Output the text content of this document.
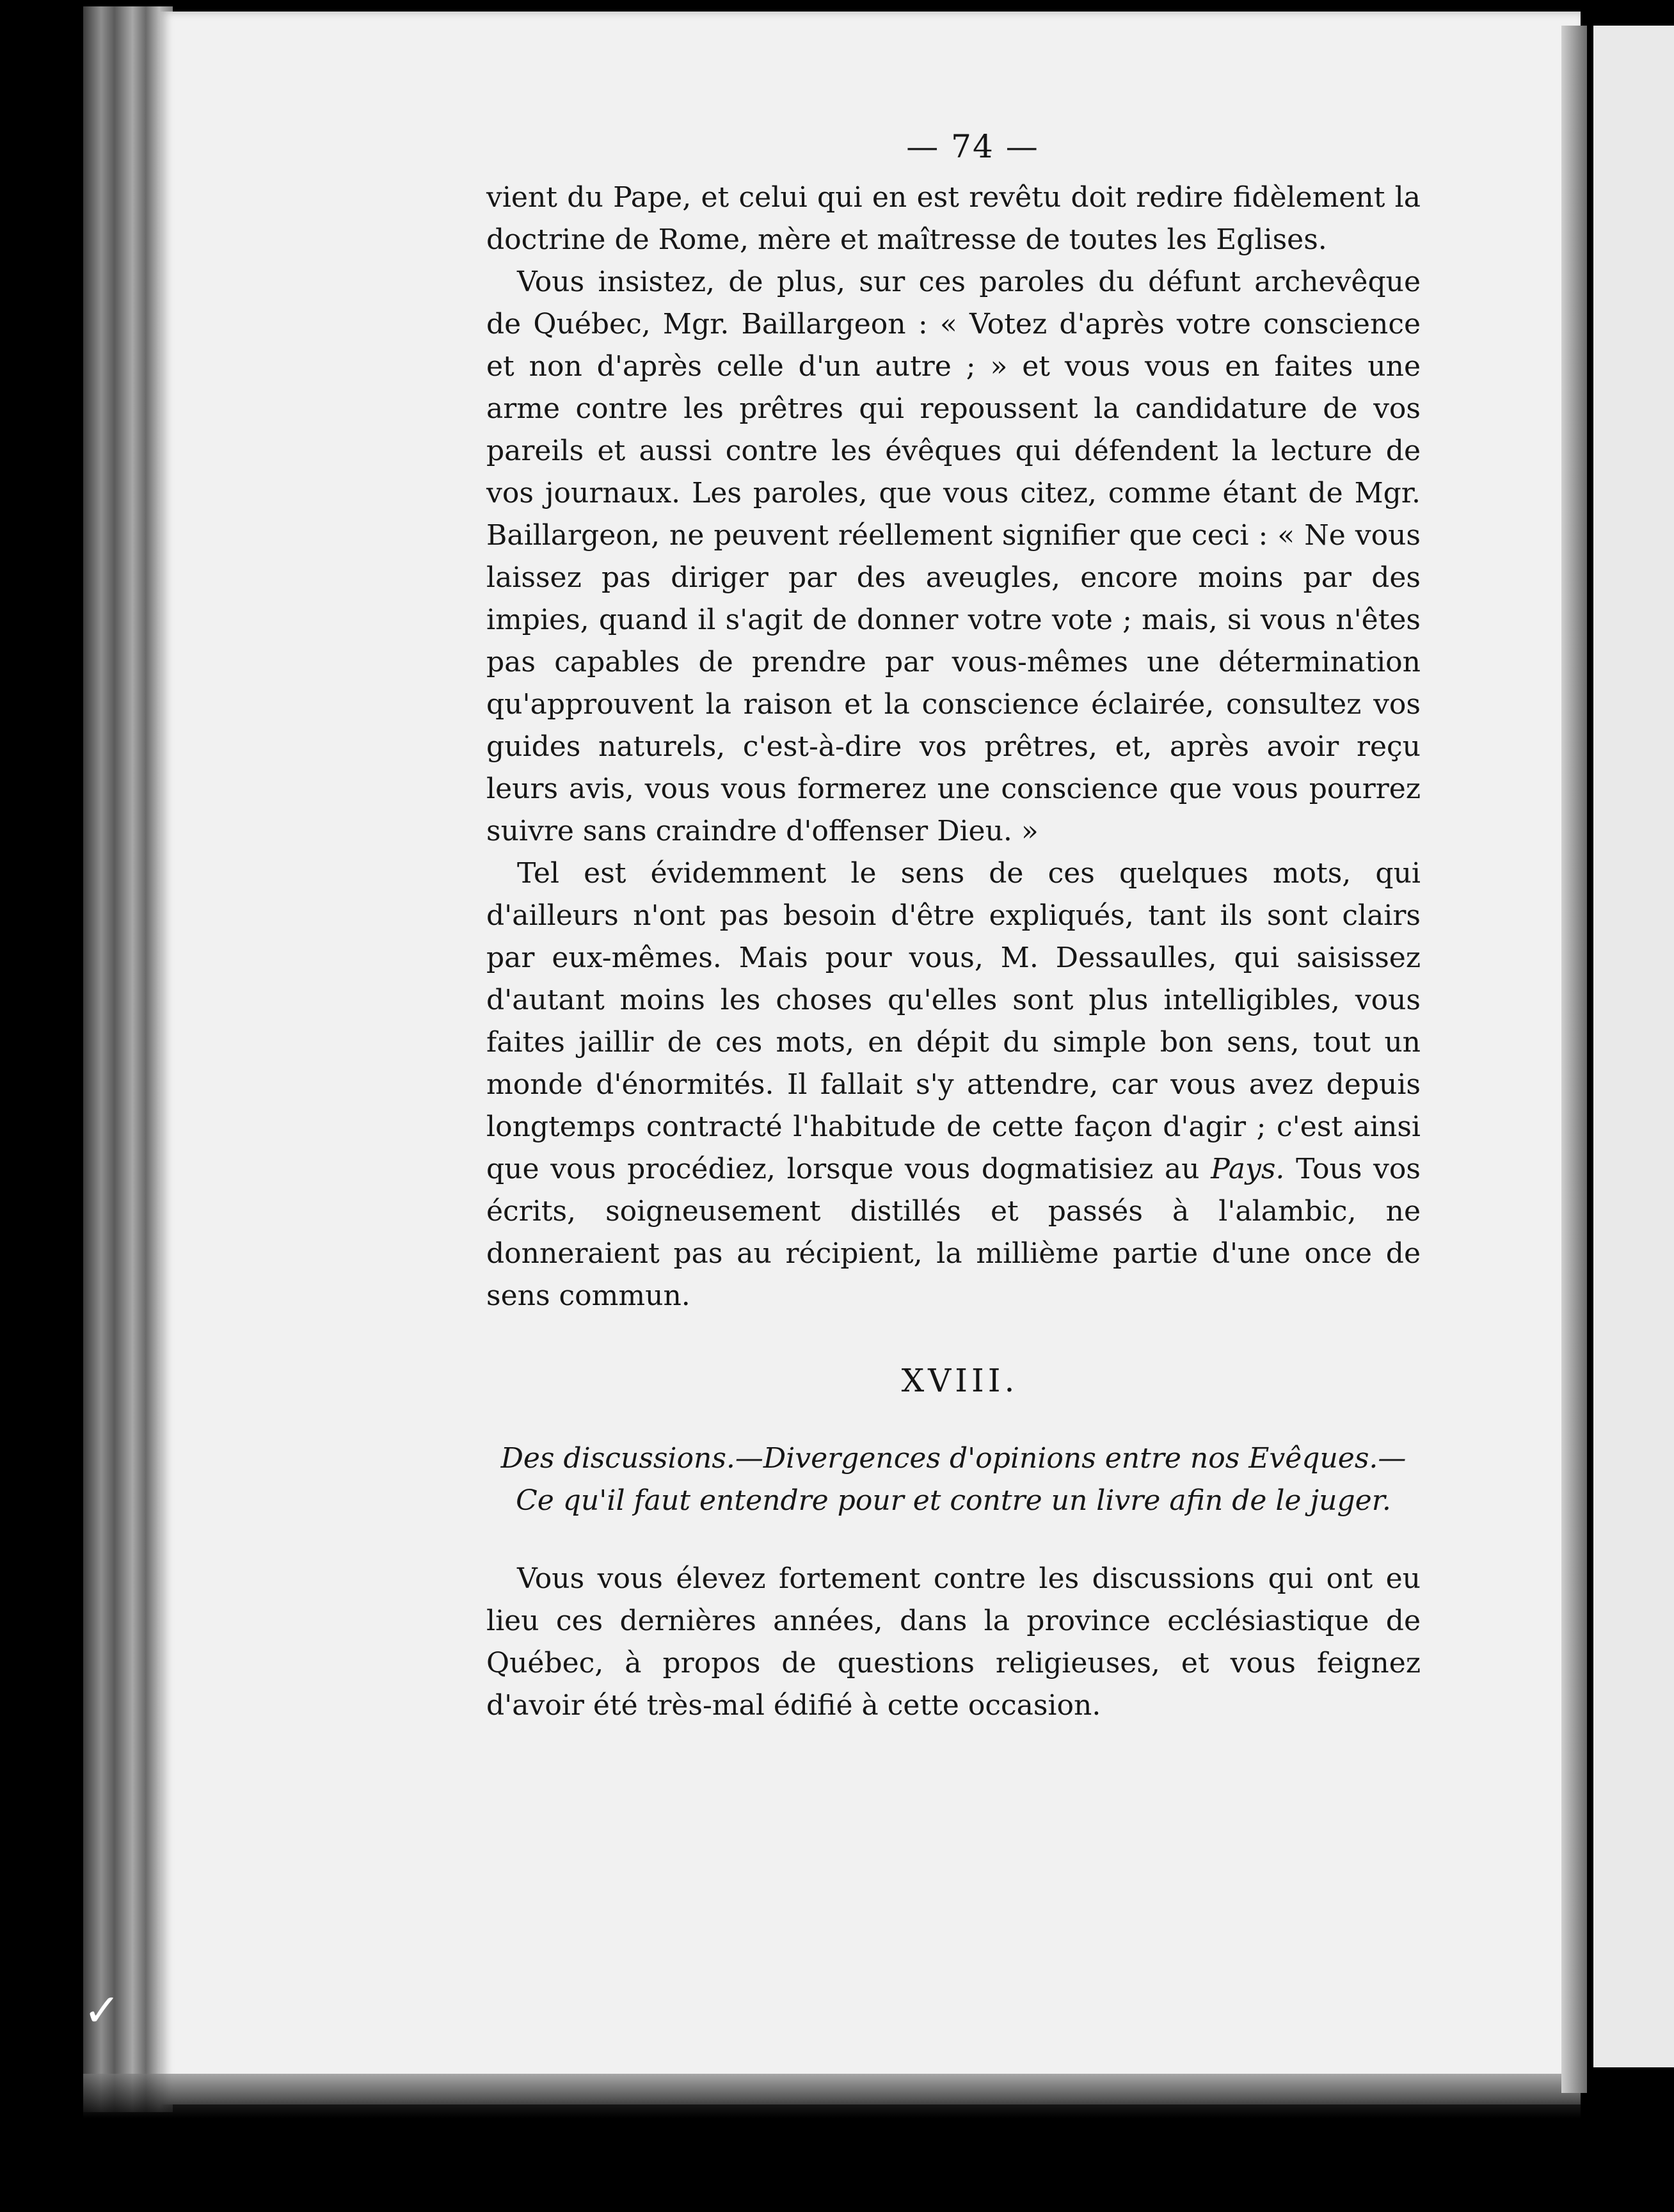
✓
— 74 —

vient du Pape, et celui qui en est revêtu doit redire fidèlement la doctrine de Rome, mère et maîtresse de toutes les Eglises.

Vous insistez, de plus, sur ces paroles du défunt archevêque de Québec, Mgr. Baillargeon : « Votez d'après votre conscience et non d'après celle d'un autre ; » et vous vous en faites une arme contre les prêtres qui repoussent la candidature de vos pareils et aussi contre les évêques qui défendent la lecture de vos journaux. Les paroles, que vous citez, comme étant de Mgr. Baillargeon, ne peuvent réellement signifier que ceci : « Ne vous laissez pas diriger par des aveugles, encore moins par des impies, quand il s'agit de donner votre vote ; mais, si vous n'êtes pas capables de prendre par vous-mêmes une détermination qu'approuvent la raison et la conscience éclairée, consultez vos guides naturels, c'est-à-dire vos prêtres, et, après avoir reçu leurs avis, vous vous formerez une conscience que vous pourrez suivre sans craindre d'offenser Dieu. »

Tel est évidemment le sens de ces quelques mots, qui d'ailleurs n'ont pas besoin d'être expliqués, tant ils sont clairs par eux-mêmes. Mais pour vous, M. Dessaulles, qui saisissez d'autant moins les choses qu'elles sont plus intelligibles, vous faites jaillir de ces mots, en dépit du simple bon sens, tout un monde d'énormités. Il fallait s'y attendre, car vous avez depuis longtemps contracté l'habitude de cette façon d'agir ; c'est ainsi que vous procédiez, lorsque vous dogmatisiez au Pays. Tous vos écrits, soigneusement distillés et passés à l'alambic, ne donneraient pas au récipient, la millième partie d'une once de sens commun.

XVIII.
Des discussions.—Divergences d'opinions entre nos Evêques.—
Ce qu'il faut entendre pour et contre un livre afin de le juger.

Vous vous élevez fortement contre les discussions qui ont eu lieu ces dernières années, dans la province ecclésiastique de Québec, à propos de questions religieuses, et vous feignez d'avoir été très-mal édifié à cette occasion.
